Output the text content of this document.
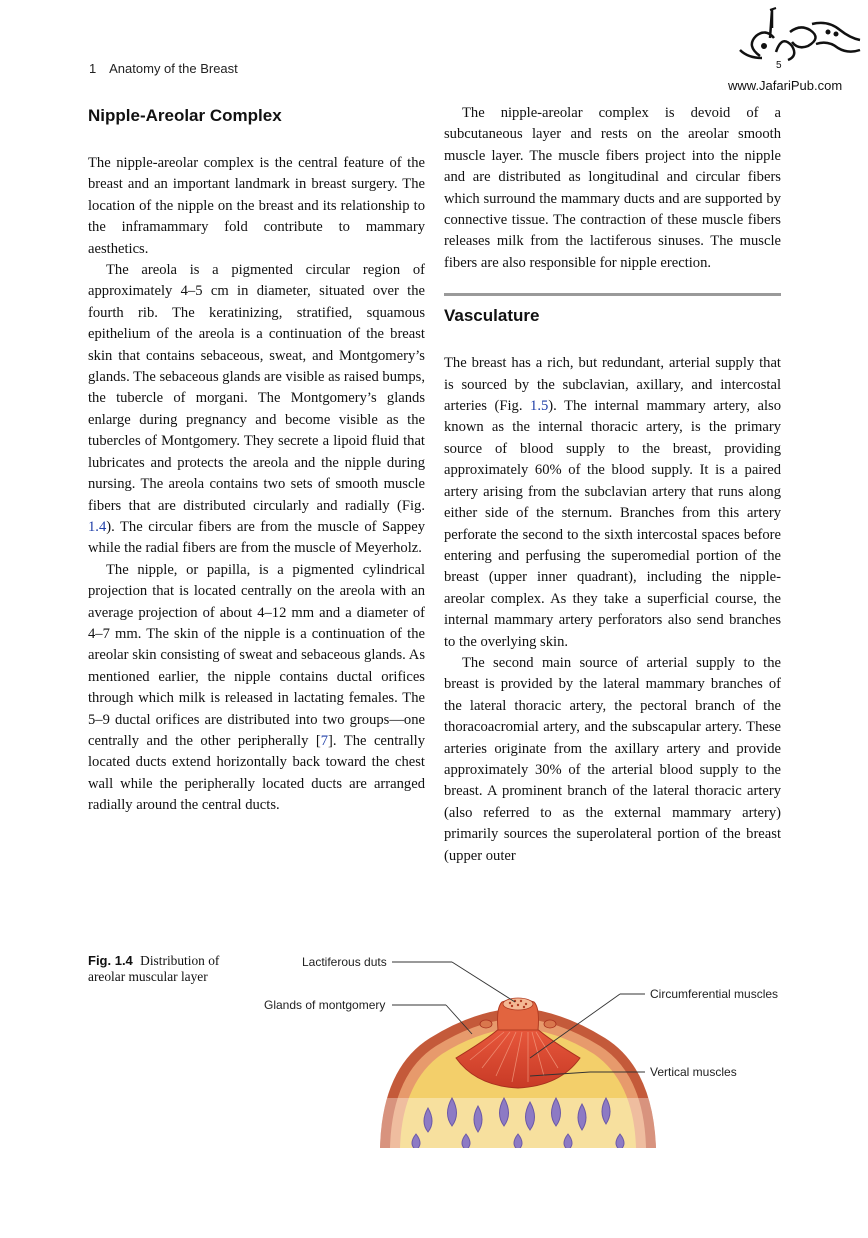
1 Anatomy of the Breast
www.JafariPub.com
5
Nipple-Areolar Complex

The nipple-areolar complex is the central feature of the breast and an important landmark in breast surgery. The location of the nipple on the breast and its relationship to the inframammary fold contribute to mammary aesthetics.

The areola is a pigmented circular region of approximately 4–5 cm in diameter, situated over the fourth rib. The keratinizing, stratified, squamous epithelium of the areola is a continuation of the breast skin that contains sebaceous, sweat, and Montgomery’s glands. The sebaceous glands are visible as raised bumps, the tubercle of morgani. The Montgomery’s glands enlarge during pregnancy and become visible as the tubercles of Montgomery. They secrete a lipoid fluid that lubricates and protects the areola and the nipple during nursing. The areola contains two sets of smooth muscle fibers that are distributed circularly and radially (Fig. 1.4). The circular fibers are from the muscle of Sappey while the radial fibers are from the muscle of Meyerholz.

The nipple, or papilla, is a pigmented cylindrical projection that is located centrally on the areola with an average projection of about 4–12 mm and a diameter of 4–7 mm. The skin of the nipple is a continuation of the areolar skin consisting of sweat and sebaceous glands. As mentioned earlier, the nipple contains ductal orifices through which milk is released in lactating females. The 5–9 ductal orifices are distributed into two groups—one centrally and the other peripherally [7]. The centrally located ducts extend horizontally back toward the chest wall while the peripherally located ducts are arranged radially around the central ducts.

The nipple-areolar complex is devoid of a subcutaneous layer and rests on the areolar smooth muscle layer. The muscle fibers project into the nipple and are distributed as longitudinal and circular fibers which surround the mammary ducts and are supported by connective tissue. The contraction of these muscle fibers releases milk from the lactiferous sinuses. The muscle fibers are also responsible for nipple erection.

Vasculature

The breast has a rich, but redundant, arterial supply that is sourced by the subclavian, axillary, and intercostal arteries (Fig. 1.5). The internal mammary artery, also known as the internal thoracic artery, is the primary source of blood supply to the breast, providing approximately 60% of the blood supply. It is a paired artery arising from the subclavian artery that runs along either side of the sternum. Branches from this artery perforate the second to the sixth intercostal spaces before entering and perfusing the superomedial portion of the breast (upper inner quadrant), including the nipple-areolar complex. As they take a superficial course, the internal mammary artery perforators also send branches to the overlying skin.

The second main source of arterial supply to the breast is provided by the lateral mammary branches of the lateral thoracic artery, the pectoral branch of the thoracoacromial artery, and the subscapular artery. These arteries originate from the axillary artery and provide approximately 30% of the arterial blood supply to the breast. A prominent branch of the lateral thoracic artery (also referred to as the external mammary artery) primarily sources the superolateral portion of the breast (upper outer

Fig. 1.4 Distribution of areolar muscular layer
Lactiferous duts
Glands of montgomery
Circumferential muscles
Vertical muscles
